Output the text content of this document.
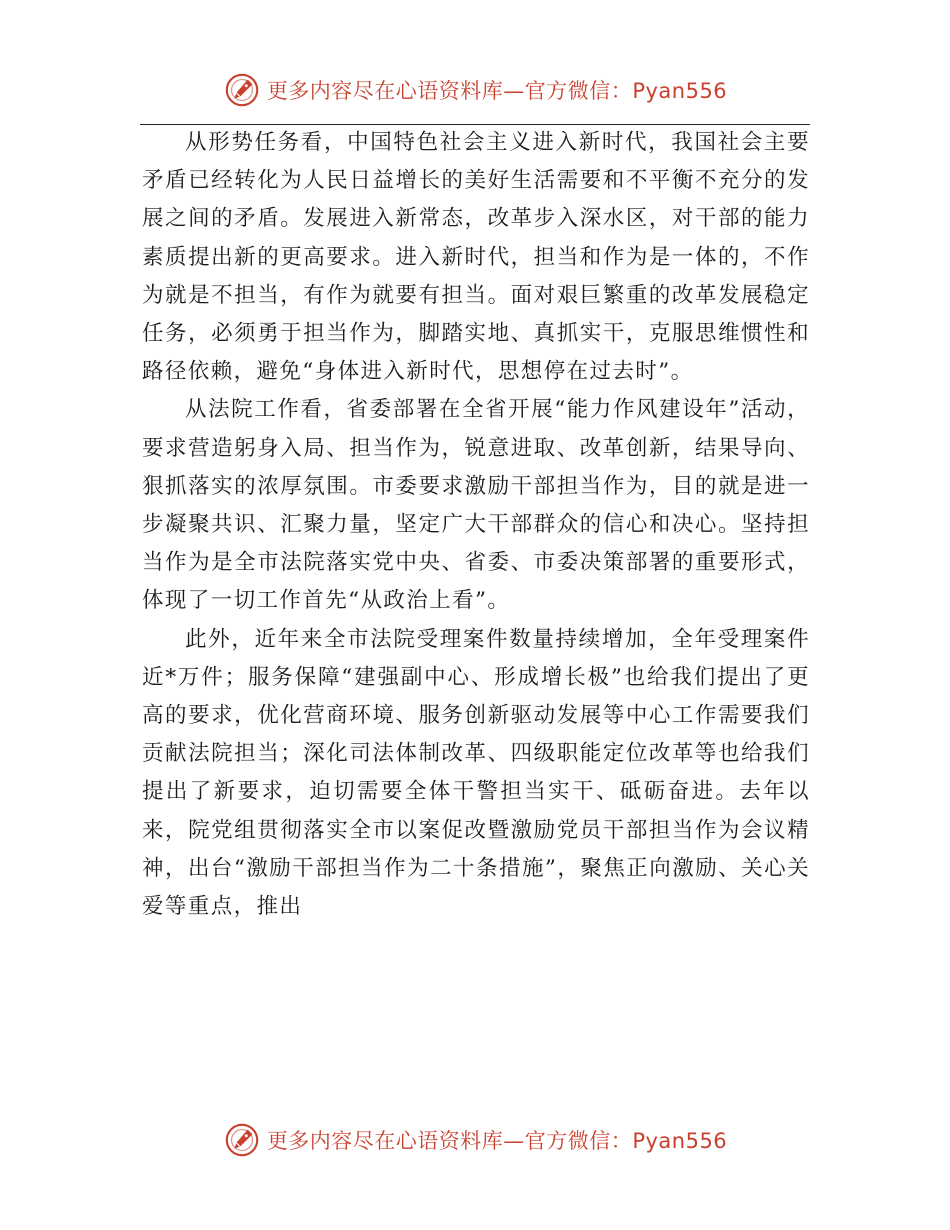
更多内容尽在心语资料库—官方微信：Pyan556

从形势任务看，中国特色社会主义进入新时代，我国社会主要矛盾已经转化为人民日益增长的美好生活需要和不平衡不充分的发展之间的矛盾。发展进入新常态，改革步入深水区，对干部的能力素质提出新的更高要求。进入新时代，担当和作为是一体的，不作为就是不担当，有作为就要有担当。面对艰巨繁重的改革发展稳定任务，必须勇于担当作为，脚踏实地、真抓实干，克服思维惯性和路径依赖，避免“身体进入新时代，思想停在过去时”。

从法院工作看，省委部署在全省开展“能力作风建设年”活动，要求营造躬身入局、担当作为，锐意进取、改革创新，结果导向、狠抓落实的浓厚氛围。市委要求激励干部担当作为，目的就是进一步凝聚共识、汇聚力量，坚定广大干部群众的信心和决心。坚持担当作为是全市法院落实党中央、省委、市委决策部署的重要形式，体现了一切工作首先“从政治上看”。

此外，近年来全市法院受理案件数量持续增加，全年受理案件近*万件；服务保障“建强副中心、形成增长极”也给我们提出了更高的要求，优化营商环境、服务创新驱动发展等中心工作需要我们贡献法院担当；深化司法体制改革、四级职能定位改革等也给我们提出了新要求，迫切需要全体干警担当实干、砥砺奋进。去年以来，院党组贯彻落实全市以案促改暨激励党员干部担当作为会议精神，出台“激励干部担当作为二十条措施”，聚焦正向激励、关心关爱等重点，推出

更多内容尽在心语资料库—官方微信：Pyan556
